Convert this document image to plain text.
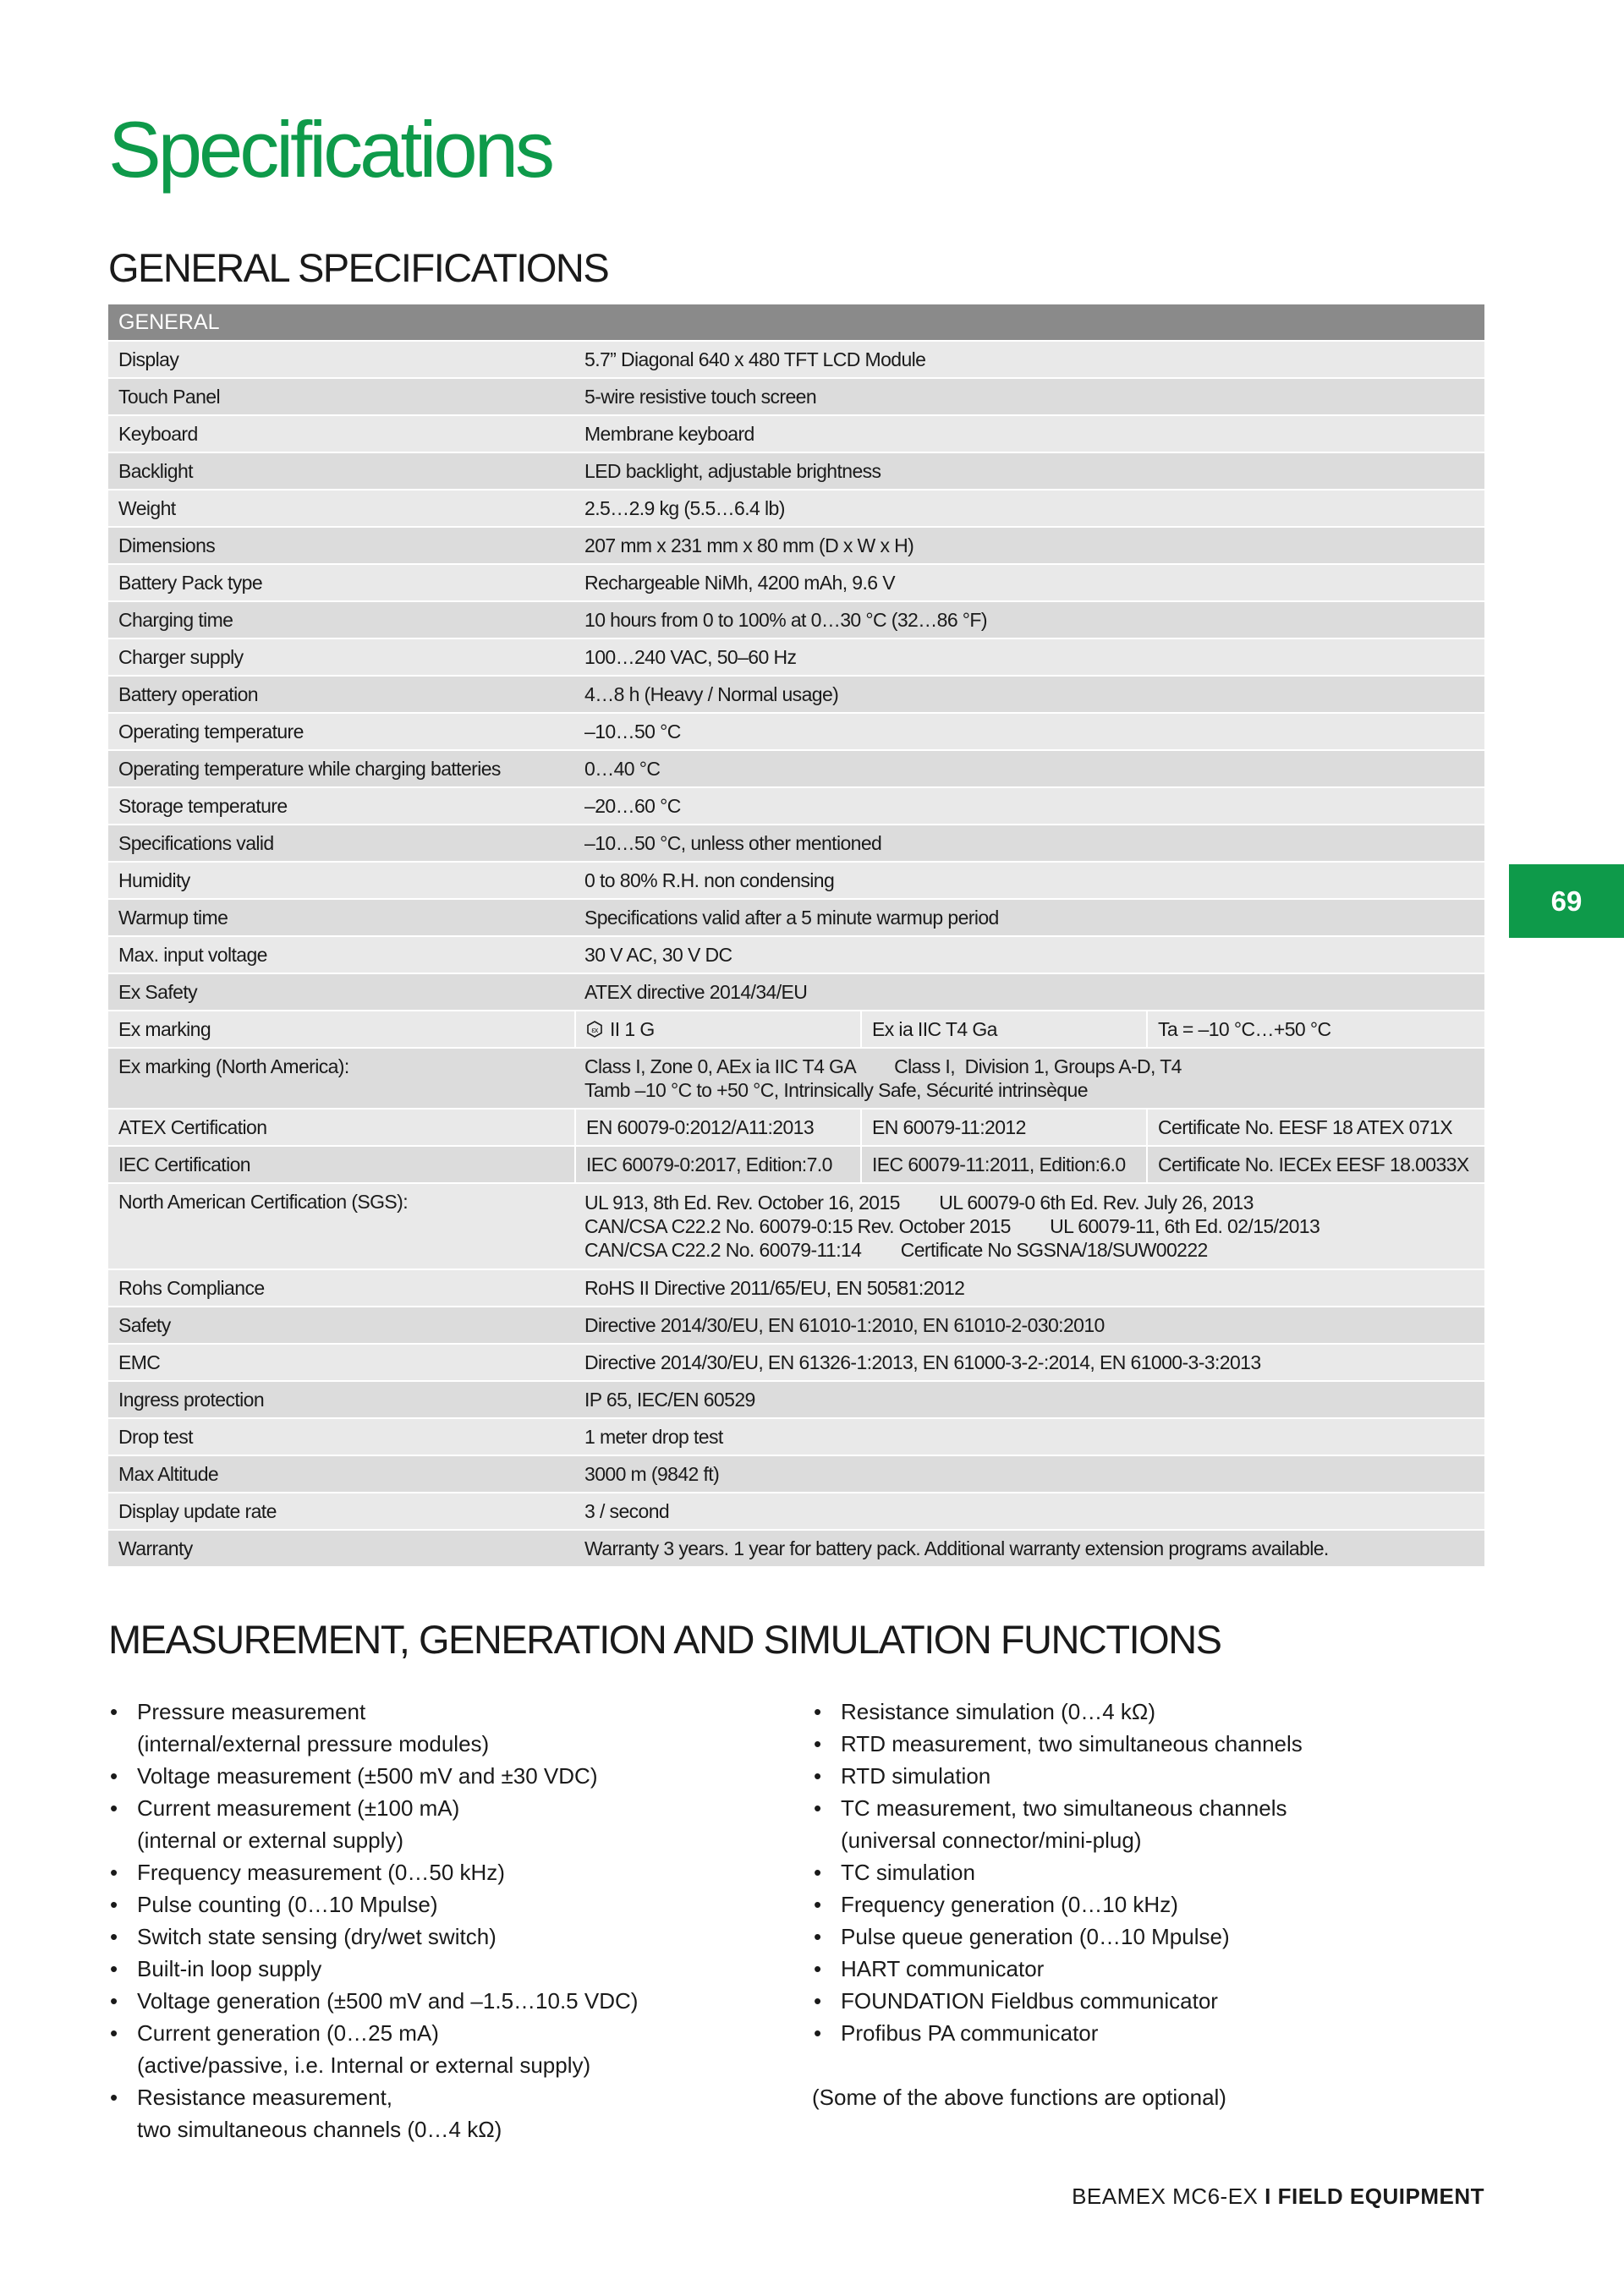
Specifications
GENERAL SPECIFICATIONS
GENERAL
Display	5.7” Diagonal 640 x 480 TFT LCD Module
Touch Panel	5-wire resistive touch screen
Keyboard	Membrane keyboard
Backlight	LED backlight, adjustable brightness
Weight	2.5…2.9 kg (5.5…6.4 lb)
Dimensions	207 mm x 231 mm x 80 mm (D x W x H)
Battery Pack type	Rechargeable NiMh, 4200 mAh, 9.6 V
Charging time	10 hours from 0 to 100% at 0…30 °C (32…86 °F)
Charger supply	100…240 VAC, 50–60 Hz
Battery operation	4…8 h (Heavy / Normal usage)
Operating temperature	–10…50 °C
Operating temperature while charging batteries	0…40 °C
Storage temperature	–20…60 °C
Specifications valid	–10…50 °C, unless other mentioned
Humidity	0 to 80% R.H. non condensing
Warmup time	Specifications valid after a 5 minute warmup period
Max. input voltage	30 V AC, 30 V DC
Ex Safety	ATEX directive 2014/34/EU
Ex marking	εx II 1 G	Ex ia IIC T4 Ga	Ta = –10 °C…+50 °C
Ex marking (North America):	Class I, Zone 0, AEx ia IIC T4 GA        Class I,  Division 1, Groups A-D, T4
Tamb –10 °C to +50 °C, Intrinsically Safe, Sécurité intrinsèque
ATEX Certification	EN 60079-0:2012/A11:2013	EN 60079-11:2012	Certificate No. EESF 18 ATEX 071X
IEC Certification	IEC 60079-0:2017, Edition:7.0	IEC 60079-11:2011, Edition:6.0	Certificate No. IECEx EESF 18.0033X
North American Certification (SGS):	UL 913, 8th Ed. Rev. October 16, 2015        UL 60079-0 6th Ed. Rev. July 26, 2013
CAN/CSA C22.2 No. 60079-0:15 Rev. October 2015        UL 60079-11, 6th Ed. 02/15/2013
CAN/CSA C22.2 No. 60079-11:14        Certificate No SGSNA/18/SUW00222
Rohs Compliance	RoHS II Directive 2011/65/EU, EN 50581:2012
Safety	Directive 2014/30/EU, EN 61010-1:2010, EN 61010-2-030:2010
EMC	Directive 2014/30/EU, EN 61326-1:2013, EN 61000-3-2-:2014, EN 61000-3-3:2013
Ingress protection	IP 65, IEC/EN 60529
Drop test	1 meter drop test
Max Altitude	3000 m (9842 ft)
Display update rate	3 / second
Warranty	Warranty 3 years. 1 year for battery pack. Additional warranty extension programs available.
MEASUREMENT, GENERATION AND SIMULATION FUNCTIONS
• Pressure measurement
(internal/external pressure modules)
• Voltage measurement (±500 mV and ±30 VDC)
• Current measurement (±100 mA)
(internal or external supply)
• Frequency measurement (0…50 kHz)
• Pulse counting (0…10 Mpulse)
• Switch state sensing (dry/wet switch)
• Built-in loop supply
• Voltage generation (±500 mV and –1.5…10.5 VDC)
• Current generation (0…25 mA)
(active/passive, i.e. Internal or external supply)
• Resistance measurement,
two simultaneous channels (0…4 kΩ)
• Resistance simulation (0…4 kΩ)
• RTD measurement, two simultaneous channels
• RTD simulation
• TC measurement, two simultaneous channels
(universal connector/mini-plug)
• TC simulation
• Frequency generation (0…10 kHz)
• Pulse queue generation (0…10 Mpulse)
• HART communicator
• FOUNDATION Fieldbus communicator
• Profibus PA communicator
(Some of the above functions are optional)
69
BEAMEX MC6-EX I FIELD EQUIPMENT
